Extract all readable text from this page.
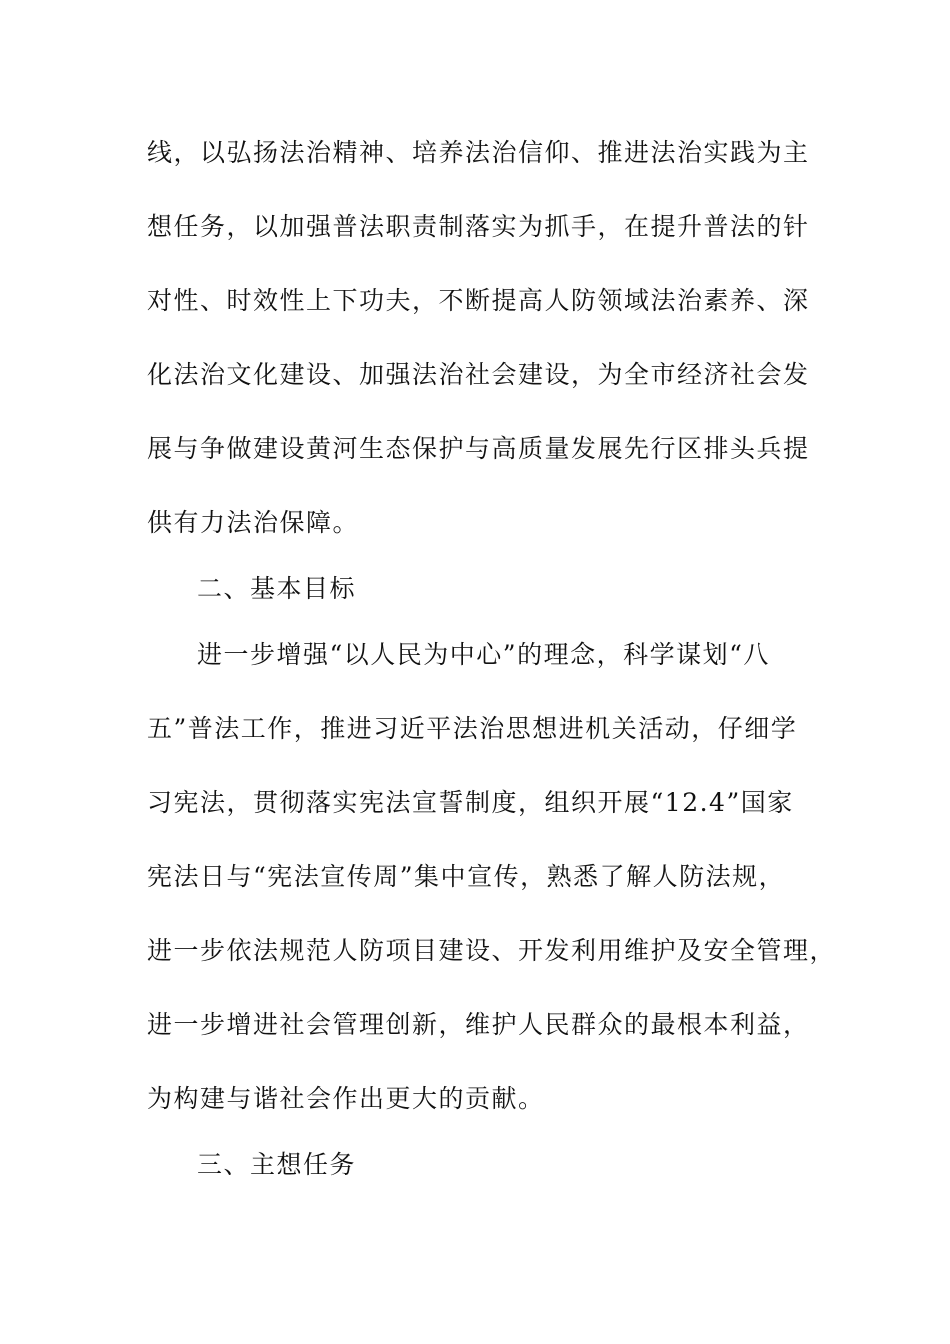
线，以弘扬法治精神、培养法治信仰、推进法治实践为主
想任务，以加强普法职责制落实为抓手，在提升普法的针
对性、时效性上下功夫，不断提高人防领域法治素养、深
化法治文化建设、加强法治社会建设，为全市经济社会发
展与争做建设黄河生态保护与高质量发展先行区排头兵提
供有力法治保障。
二、基本目标
进一步增强“以人民为中心”的理念，科学谋划“八
五”普法工作，推进习近平法治思想进机关活动，仔细学
习宪法，贯彻落实宪法宣誓制度，组织开展“12.4”国家
宪法日与“宪法宣传周”集中宣传，熟悉了解人防法规，
进一步依法规范人防项目建设、开发利用维护及安全管理，
进一步增进社会管理创新，维护人民群众的最根本利益，
为构建与谐社会作出更大的贡献。
三、主想任务
